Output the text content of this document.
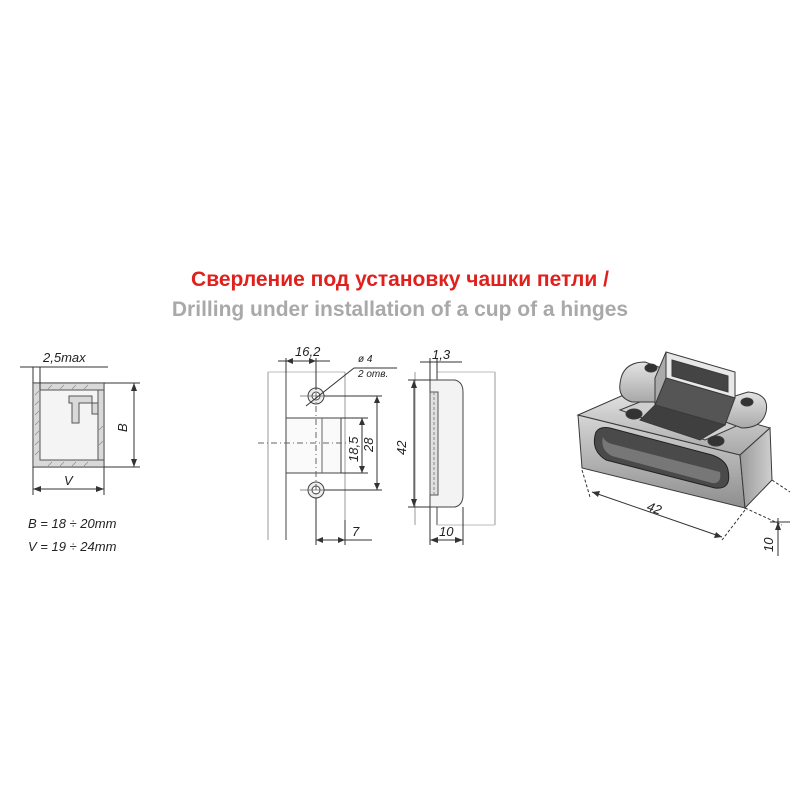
Сверление под установку чашки петли /
Drilling under installation of a cup of a hinges
2,5max
B
V
B = 18 ÷ 20mm
V = 19 ÷ 24mm
16,2
ø 4
2 отв.
18,5 28
7
1,3
42
10
42
10
